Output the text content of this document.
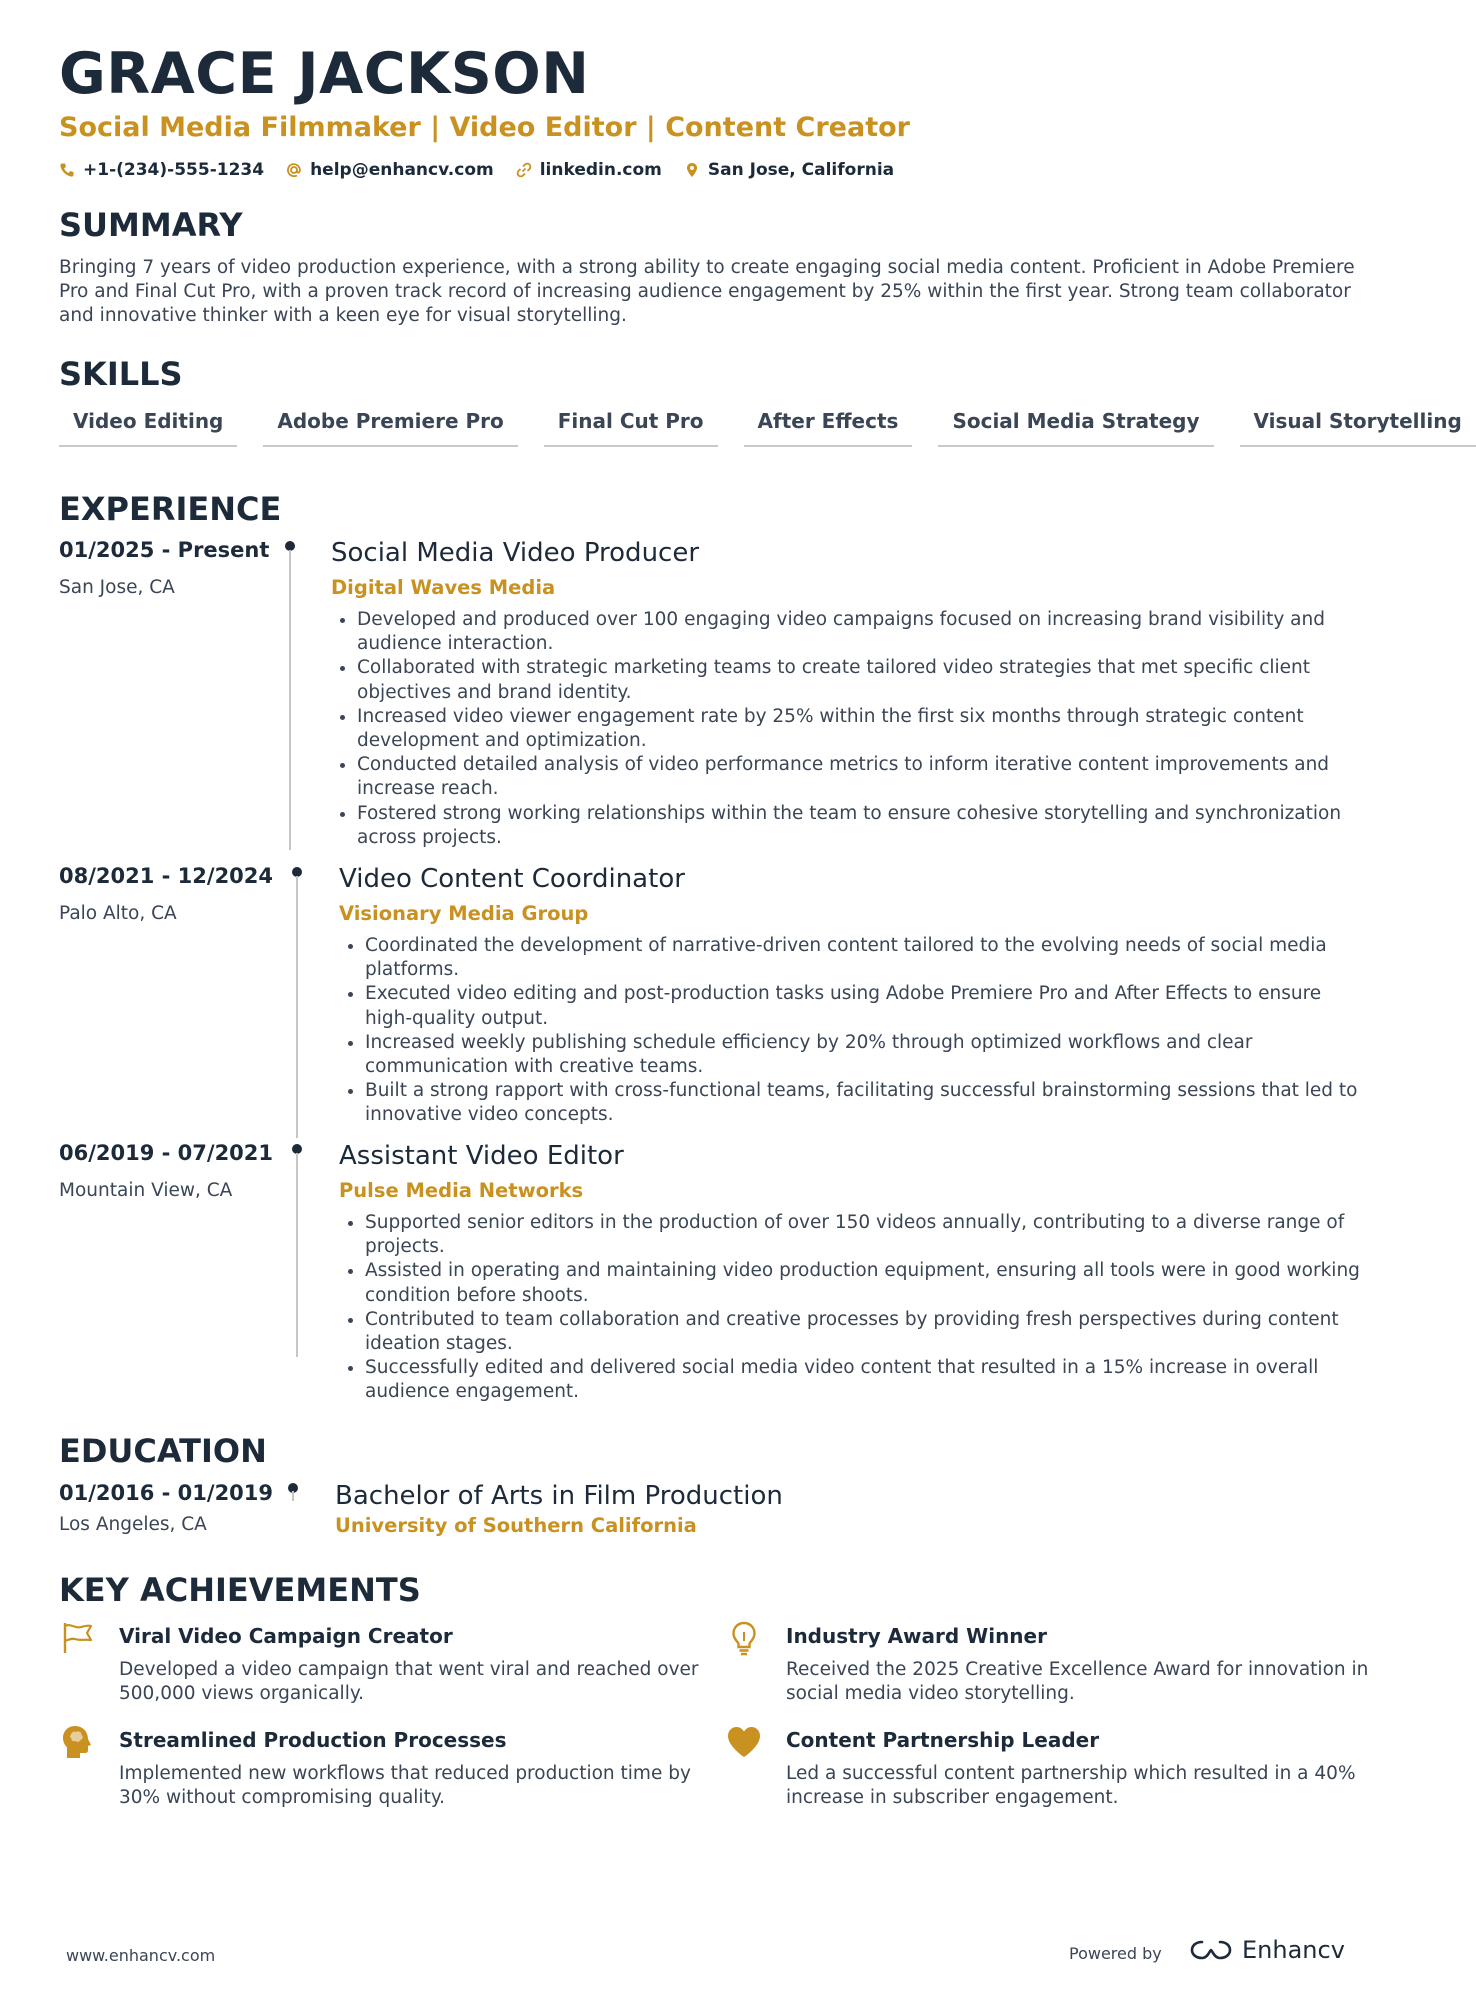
GRACE JACKSON
Social Media Filmmaker | Video Editor | Content Creator
+1-(234)-555-1234	help@enhancv.com	linkedin.com	San Jose, California
SUMMARY
Bringing 7 years of video production experience, with a strong ability to create engaging social media content. Proficient in Adobe Premiere Pro and Final Cut Pro, with a proven track record of increasing audience engagement by 25% within the first year. Strong team collaborator and innovative thinker with a keen eye for visual storytelling.
SKILLS
Video Editing	Adobe Premiere Pro	Final Cut Pro	After Effects	Social Media Strategy	Visual Storytelling
EXPERIENCE
01/2025 - Present
San Jose, CA
Social Media Video Producer
Digital Waves Media
• Developed and produced over 100 engaging video campaigns focused on increasing brand visibility and audience interaction.
• Collaborated with strategic marketing teams to create tailored video strategies that met specific client objectives and brand identity.
• Increased video viewer engagement rate by 25% within the first six months through strategic content development and optimization.
• Conducted detailed analysis of video performance metrics to inform iterative content improvements and increase reach.
• Fostered strong working relationships within the team to ensure cohesive storytelling and synchronization across projects.
08/2021 - 12/2024
Palo Alto, CA
Video Content Coordinator
Visionary Media Group
• Coordinated the development of narrative-driven content tailored to the evolving needs of social media platforms.
• Executed video editing and post-production tasks using Adobe Premiere Pro and After Effects to ensure high-quality output.
• Increased weekly publishing schedule efficiency by 20% through optimized workflows and clear communication with creative teams.
• Built a strong rapport with cross-functional teams, facilitating successful brainstorming sessions that led to innovative video concepts.
06/2019 - 07/2021
Mountain View, CA
Assistant Video Editor
Pulse Media Networks
• Supported senior editors in the production of over 150 videos annually, contributing to a diverse range of projects.
• Assisted in operating and maintaining video production equipment, ensuring all tools were in good working condition before shoots.
• Contributed to team collaboration and creative processes by providing fresh perspectives during content ideation stages.
• Successfully edited and delivered social media video content that resulted in a 15% increase in overall audience engagement.
EDUCATION
01/2016 - 01/2019
Los Angeles, CA
Bachelor of Arts in Film Production
University of Southern California
KEY ACHIEVEMENTS
Viral Video Campaign Creator
Developed a video campaign that went viral and reached over 500,000 views organically.
Industry Award Winner
Received the 2025 Creative Excellence Award for innovation in social media video storytelling.
Streamlined Production Processes
Implemented new workflows that reduced production time by 30% without compromising quality.
Content Partnership Leader
Led a successful content partnership which resulted in a 40% increase in subscriber engagement.
www.enhancv.com	Powered by	Enhancv
